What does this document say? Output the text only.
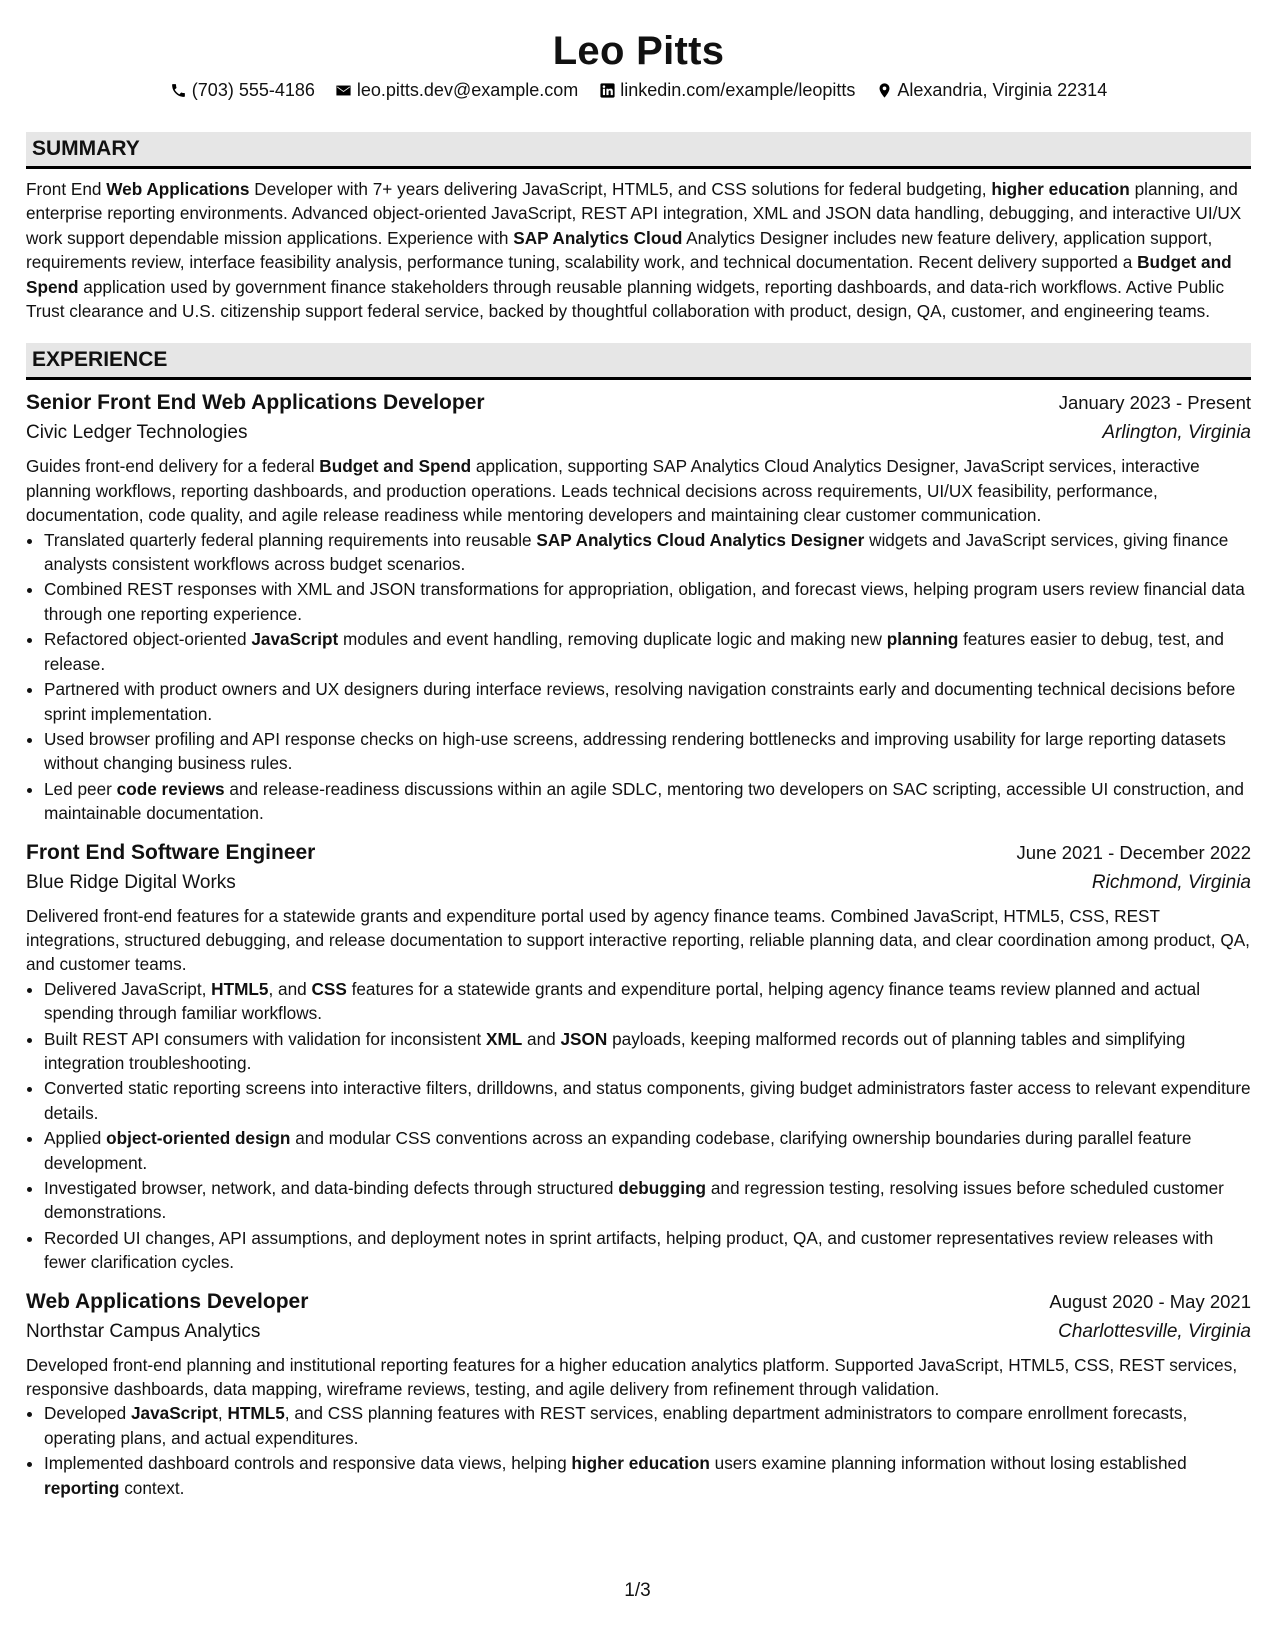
Leo Pitts
(703) 555-4186 leo.pitts.dev@example.com linkedin.com/example/leopitts Alexandria, Virginia 22314
SUMMARY

Front End Web Applications Developer with 7+ years delivering JavaScript, HTML5, and CSS solutions for federal budgeting, higher education planning, and enterprise reporting environments. Advanced object-oriented JavaScript, REST API integration, XML and JSON data handling, debugging, and interactive UI/UX work support dependable mission applications. Experience with SAP Analytics Cloud Analytics Designer includes new feature delivery, application support, requirements review, interface feasibility analysis, performance tuning, scalability work, and technical documentation. Recent delivery supported a Budget and Spend application used by government finance stakeholders through reusable planning widgets, reporting dashboards, and data-rich workflows. Active Public Trust clearance and U.S. citizenship support federal service, backed by thoughtful collaboration with product, design, QA, customer, and engineering teams.

EXPERIENCE
Senior Front End Web Applications Developer	January 2023 - Present
Civic Ledger Technologies	Arlington, Virginia
Guides front-end delivery for a federal Budget and Spend application, supporting SAP Analytics Cloud Analytics Designer, JavaScript services, interactive planning workflows, reporting dashboards, and production operations. Leads technical decisions across requirements, UI/UX feasibility, performance, documentation, code quality, and agile release readiness while mentoring developers and maintaining clear customer communication.
• Translated quarterly federal planning requirements into reusable SAP Analytics Cloud Analytics Designer widgets and JavaScript services, giving finance analysts consistent workflows across budget scenarios.
• Combined REST responses with XML and JSON transformations for appropriation, obligation, and forecast views, helping program users review financial data through one reporting experience.
• Refactored object-oriented JavaScript modules and event handling, removing duplicate logic and making new planning features easier to debug, test, and release.
• Partnered with product owners and UX designers during interface reviews, resolving navigation constraints early and documenting technical decisions before sprint implementation.
• Used browser profiling and API response checks on high-use screens, addressing rendering bottlenecks and improving usability for large reporting datasets without changing business rules.
• Led peer code reviews and release-readiness discussions within an agile SDLC, mentoring two developers on SAC scripting, accessible UI construction, and maintainable documentation.
Front End Software Engineer	June 2021 - December 2022
Blue Ridge Digital Works	Richmond, Virginia
Delivered front-end features for a statewide grants and expenditure portal used by agency finance teams. Combined JavaScript, HTML5, CSS, REST integrations, structured debugging, and release documentation to support interactive reporting, reliable planning data, and clear coordination among product, QA, and customer teams.
• Delivered JavaScript, HTML5, and CSS features for a statewide grants and expenditure portal, helping agency finance teams review planned and actual spending through familiar workflows.
• Built REST API consumers with validation for inconsistent XML and JSON payloads, keeping malformed records out of planning tables and simplifying integration troubleshooting.
• Converted static reporting screens into interactive filters, drilldowns, and status components, giving budget administrators faster access to relevant expenditure details.
• Applied object-oriented design and modular CSS conventions across an expanding codebase, clarifying ownership boundaries during parallel feature development.
• Investigated browser, network, and data-binding defects through structured debugging and regression testing, resolving issues before scheduled customer demonstrations.
• Recorded UI changes, API assumptions, and deployment notes in sprint artifacts, helping product, QA, and customer representatives review releases with fewer clarification cycles.
Web Applications Developer	August 2020 - May 2021
Northstar Campus Analytics	Charlottesville, Virginia
Developed front-end planning and institutional reporting features for a higher education analytics platform. Supported JavaScript, HTML5, CSS, REST services, responsive dashboards, data mapping, wireframe reviews, testing, and agile delivery from refinement through validation.
• Developed JavaScript, HTML5, and CSS planning features with REST services, enabling department administrators to compare enrollment forecasts, operating plans, and actual expenditures.
• Implemented dashboard controls and responsive data views, helping higher education users examine planning information without losing established reporting context.
1/3
